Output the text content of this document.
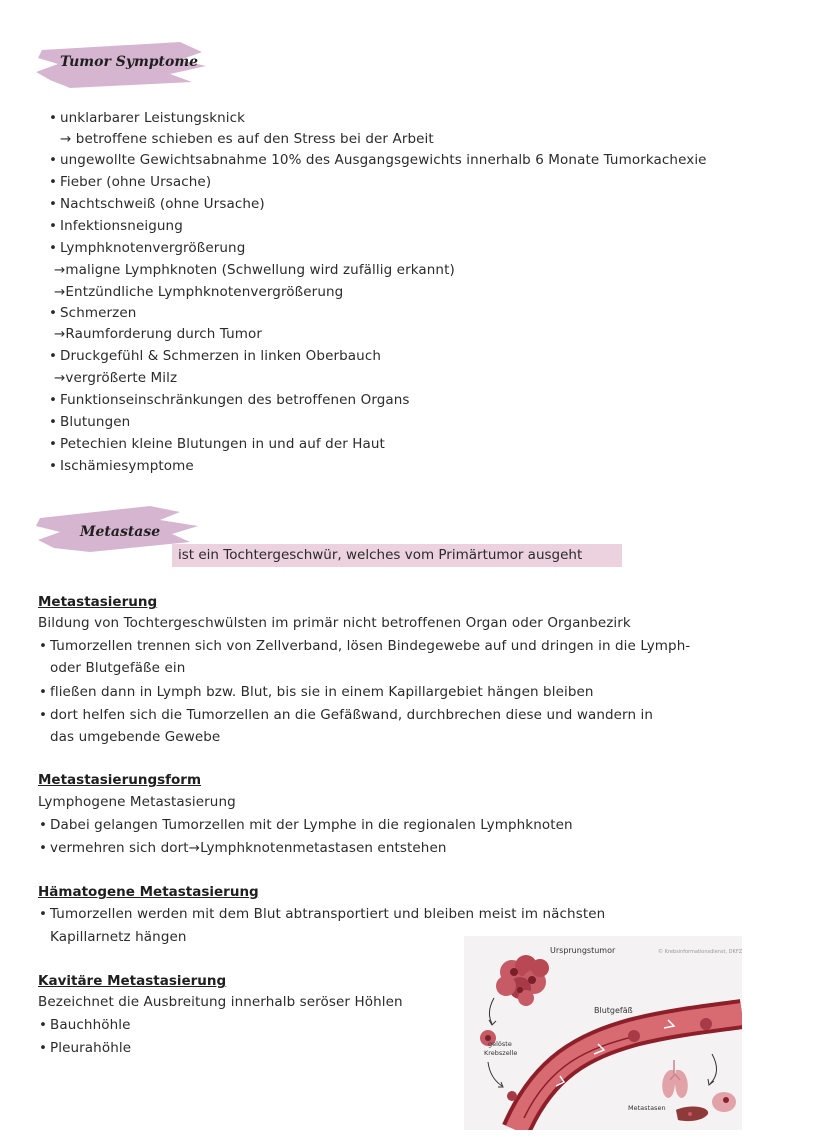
Tumor Symptome
• unklarbarer Leistungsknick
→ betroffene schieben es auf den Stress bei der Arbeit
• ungewollte Gewichtsabnahme 10% des Ausgangsgewichts innerhalb 6 Monate Tumorkachexie
• Fieber (ohne Ursache)
• Nachtschweiß (ohne Ursache)
• Infektionsneigung
• Lymphknotenvergrößerung
→maligne Lymphknoten (Schwellung wird zufällig erkannt)
→Entzündliche Lymphknotenvergrößerung
• Schmerzen
→Raumforderung durch Tumor
• Druckgefühl & Schmerzen in linken Oberbauch
→vergrößerte Milz
• Funktionseinschränkungen des betroffenen Organs
• Blutungen
• Petechien kleine Blutungen in und auf der Haut
• Ischämiesymptome
Metastase
ist ein Tochtergeschwür, welches vom Primärtumor ausgeht
Metastasierung
Bildung von Tochtergeschwülsten im primär nicht betroffenen Organ oder Organbezirk
• Tumorzellen trennen sich von Zellverband, lösen Bindegewebe auf und dringen in die Lymph-
oder Blutgefäße ein
• fließen dann in Lymph bzw. Blut, bis sie in einem Kapillargebiet hängen bleiben
• dort helfen sich die Tumorzellen an die Gefäßwand, durchbrechen diese und wandern in
das umgebende Gewebe
Metastasierungsform
Lymphogene Metastasierung
• Dabei gelangen Tumorzellen mit der Lymphe in die regionalen Lymphknoten
• vermehren sich dort→Lymphknotenmetastasen entstehen
Hämatogene Metastasierung
• Tumorzellen werden mit dem Blut abtransportiert und bleiben meist im nächsten
Kapillarnetz hängen
Kavitäre Metastasierung
Bezeichnet die Ausbreitung innerhalb seröser Höhlen
• Bauchhöhle
• Pleurahöhle
Ursprungstumor	© Krebsinformationsdienst, DKFZ
Blutgefäß
gelöste
Krebszelle
Metastasen
